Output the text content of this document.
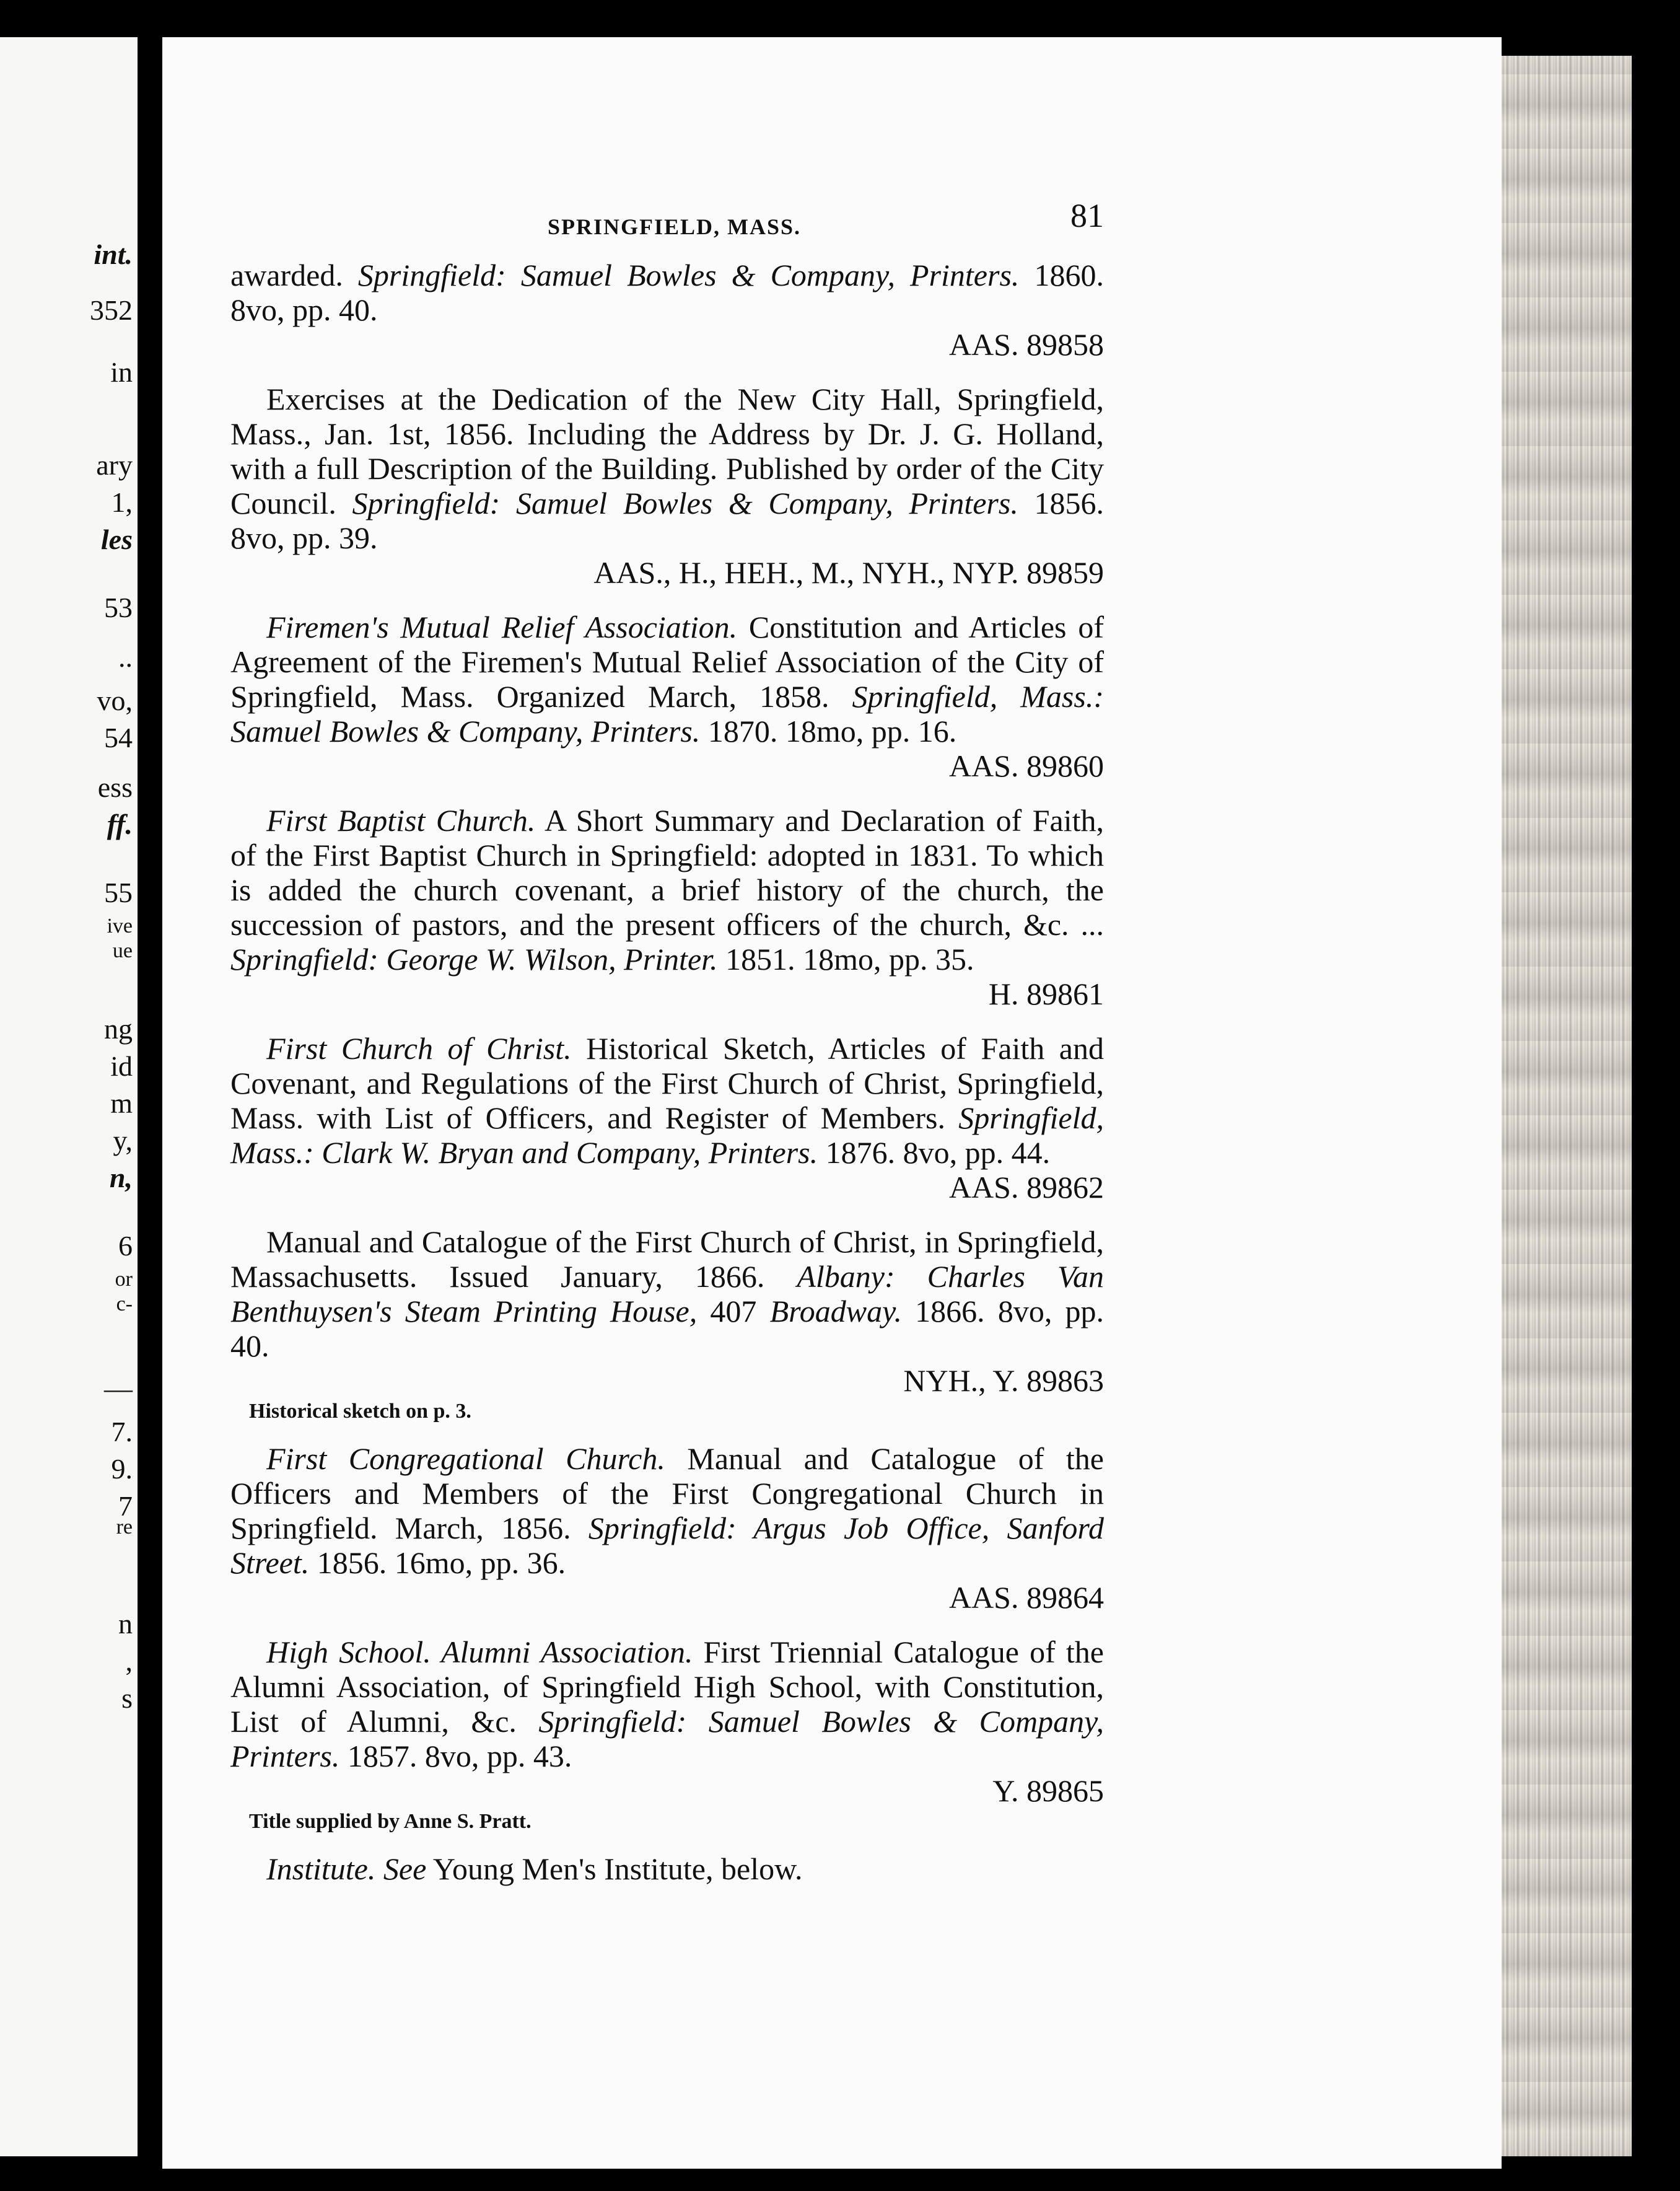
int.
352
in
ary
1,
les
53
..
vo,
54
ess
ff.
55
ive
ue
ng
id
m
y,
n,
6
or
c-
—
7.
9.
7
re
n
,
s
SPRINGFIELD, MASS.	81
awarded. Springfield: Samuel Bowles & Company, Printers. 1860. 8vo, pp. 40.
AAS. 89858
Exercises at the Dedication of the New City Hall, Springfield, Mass., Jan. 1st, 1856. Including the Address by Dr. J. G. Holland, with a full Description of the Building. Published by order of the City Council. Springfield: Samuel Bowles & Company, Printers. 1856. 8vo, pp. 39.
AAS., H., HEH., M., NYH., NYP. 89859
Firemen's Mutual Relief Association. Constitution and Articles of Agreement of the Firemen's Mutual Relief Association of the City of Springfield, Mass. Organized March, 1858. Springfield, Mass.: Samuel Bowles & Company, Printers. 1870. 18mo, pp. 16.
AAS. 89860
First Baptist Church. A Short Summary and Declaration of Faith, of the First Baptist Church in Springfield: adopted in 1831. To which is added the church covenant, a brief history of the church, the succession of pastors, and the present officers of the church, &c. ... Springfield: George W. Wilson, Printer. 1851. 18mo, pp. 35.
H. 89861
First Church of Christ. Historical Sketch, Articles of Faith and Covenant, and Regulations of the First Church of Christ, Springfield, Mass. with List of Officers, and Register of Members. Springfield, Mass.: Clark W. Bryan and Company, Printers. 1876. 8vo, pp. 44.
AAS. 89862
Manual and Catalogue of the First Church of Christ, in Springfield, Massachusetts. Issued January, 1866. Albany: Charles Van Benthuysen's Steam Printing House, 407 Broadway. 1866. 8vo, pp. 40.
NYH., Y. 89863
Historical sketch on p. 3.
First Congregational Church. Manual and Catalogue of the Officers and Members of the First Congregational Church in Springfield. March, 1856. Springfield: Argus Job Office, Sanford Street. 1856. 16mo, pp. 36.
AAS. 89864
High School. Alumni Association. First Triennial Catalogue of the Alumni Association, of Springfield High School, with Constitution, List of Alumni, &c. Springfield: Samuel Bowles & Company, Printers. 1857. 8vo, pp. 43.
Y. 89865
Title supplied by Anne S. Pratt.
Institute. See Young Men's Institute, below.
